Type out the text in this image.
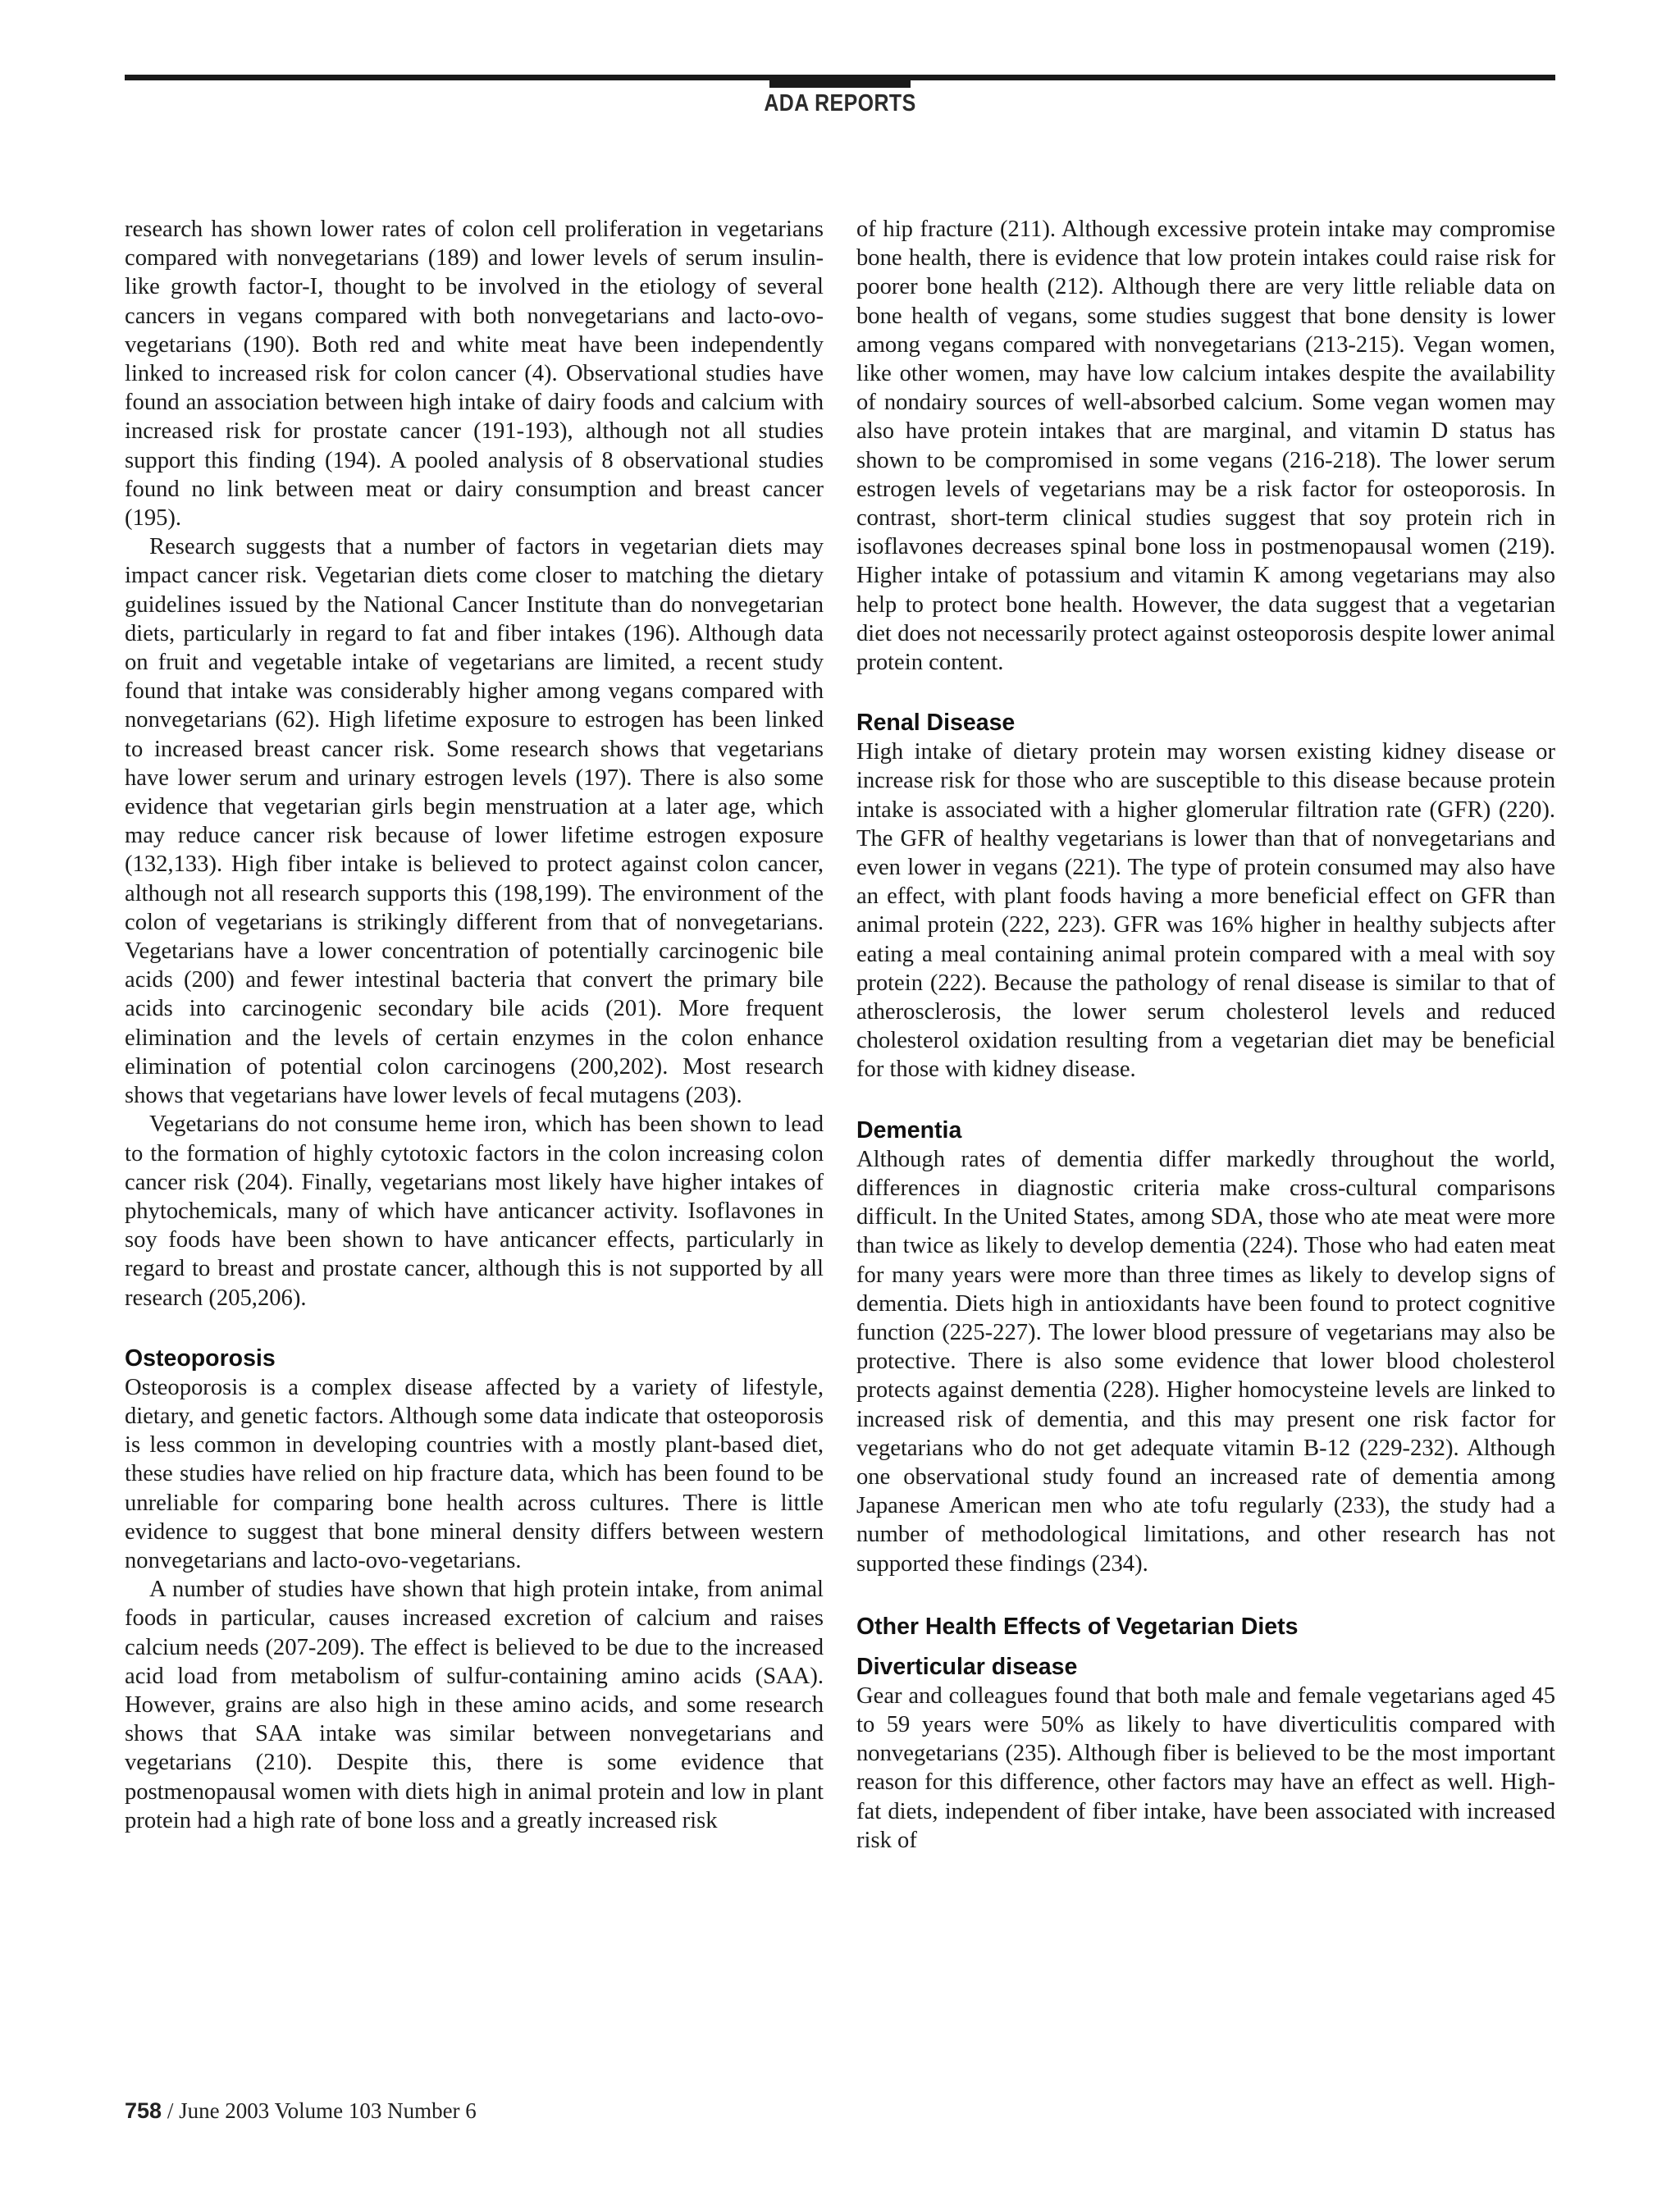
ADA REPORTS

research has shown lower rates of colon cell proliferation in vegetarians compared with nonvegetarians (189) and lower levels of serum insulin-like growth factor-I, thought to be involved in the etiology of several cancers in vegans compared with both nonvegetarians and lacto-ovo-vegetarians (190). Both red and white meat have been independently linked to increased risk for colon cancer (4). Observational studies have found an association between high intake of dairy foods and calcium with increased risk for prostate cancer (191-193), although not all studies support this finding (194). A pooled analysis of 8 observational studies found no link between meat or dairy consumption and breast cancer (195).

Research suggests that a number of factors in vegetarian diets may impact cancer risk. Vegetarian diets come closer to matching the dietary guidelines issued by the National Cancer Institute than do nonvegetarian diets, particularly in regard to fat and fiber intakes (196). Although data on fruit and vegetable intake of vegetarians are limited, a recent study found that intake was considerably higher among vegans compared with nonvegetarians (62). High lifetime exposure to estrogen has been linked to increased breast cancer risk. Some research shows that vegetarians have lower serum and urinary estrogen levels (197). There is also some evidence that vegetarian girls begin menstruation at a later age, which may reduce cancer risk because of lower lifetime estrogen exposure (132,133). High fiber intake is believed to protect against colon cancer, although not all research supports this (198,199). The environment of the colon of vegetarians is strikingly different from that of nonvegetarians. Vegetarians have a lower concentration of potentially carcinogenic bile acids (200) and fewer intestinal bacteria that convert the primary bile acids into carcinogenic secondary bile acids (201). More frequent elimination and the levels of certain enzymes in the colon enhance elimination of potential colon carcinogens (200,202). Most research shows that vegetarians have lower levels of fecal mutagens (203).

Vegetarians do not consume heme iron, which has been shown to lead to the formation of highly cytotoxic factors in the colon increasing colon cancer risk (204). Finally, vegetarians most likely have higher intakes of phytochemicals, many of which have anticancer activity. Isoflavones in soy foods have been shown to have anticancer effects, particularly in regard to breast and prostate cancer, although this is not supported by all research (205,206).

Osteoporosis

Osteoporosis is a complex disease affected by a variety of lifestyle, dietary, and genetic factors. Although some data indicate that osteoporosis is less common in developing countries with a mostly plant-based diet, these studies have relied on hip fracture data, which has been found to be unreliable for comparing bone health across cultures. There is little evidence to suggest that bone mineral density differs between western nonvegetarians and lacto-ovo-vegetarians.

A number of studies have shown that high protein intake, from animal foods in particular, causes increased excretion of calcium and raises calcium needs (207-209). The effect is believed to be due to the increased acid load from metabolism of sulfur-containing amino acids (SAA). However, grains are also high in these amino acids, and some research shows that SAA intake was similar between nonvegetarians and vegetarians (210). Despite this, there is some evidence that postmenopausal women with diets high in animal protein and low in plant protein had a high rate of bone loss and a greatly increased risk

of hip fracture (211). Although excessive protein intake may compromise bone health, there is evidence that low protein intakes could raise risk for poorer bone health (212). Although there are very little reliable data on bone health of vegans, some studies suggest that bone density is lower among vegans compared with nonvegetarians (213-215). Vegan women, like other women, may have low calcium intakes despite the availability of nondairy sources of well-absorbed calcium. Some vegan women may also have protein intakes that are marginal, and vitamin D status has shown to be compromised in some vegans (216-218). The lower serum estrogen levels of vegetarians may be a risk factor for osteoporosis. In contrast, short-term clinical studies suggest that soy protein rich in isoflavones decreases spinal bone loss in postmenopausal women (219). Higher intake of potassium and vitamin K among vegetarians may also help to protect bone health. However, the data suggest that a vegetarian diet does not necessarily protect against osteoporosis despite lower animal protein content.

Renal Disease

High intake of dietary protein may worsen existing kidney disease or increase risk for those who are susceptible to this disease because protein intake is associated with a higher glomerular filtration rate (GFR) (220). The GFR of healthy vegetarians is lower than that of nonvegetarians and even lower in vegans (221). The type of protein consumed may also have an effect, with plant foods having a more beneficial effect on GFR than animal protein (222, 223). GFR was 16% higher in healthy subjects after eating a meal containing animal protein compared with a meal with soy protein (222). Because the pathology of renal disease is similar to that of atherosclerosis, the lower serum cholesterol levels and reduced cholesterol oxidation resulting from a vegetarian diet may be beneficial for those with kidney disease.

Dementia

Although rates of dementia differ markedly throughout the world, differences in diagnostic criteria make cross-cultural comparisons difficult. In the United States, among SDA, those who ate meat were more than twice as likely to develop dementia (224). Those who had eaten meat for many years were more than three times as likely to develop signs of dementia. Diets high in antioxidants have been found to protect cognitive function (225-227). The lower blood pressure of vegetarians may also be protective. There is also some evidence that lower blood cholesterol protects against dementia (228). Higher homocysteine levels are linked to increased risk of dementia, and this may present one risk factor for vegetarians who do not get adequate vitamin B-12 (229-232). Although one observational study found an increased rate of dementia among Japanese American men who ate tofu regularly (233), the study had a number of methodological limitations, and other research has not supported these findings (234).

Other Health Effects of Vegetarian Diets
Diverticular disease

Gear and colleagues found that both male and female vegetarians aged 45 to 59 years were 50% as likely to have diverticulitis compared with nonvegetarians (235). Although fiber is believed to be the most important reason for this difference, other factors may have an effect as well. High-fat diets, independent of fiber intake, have been associated with increased risk of

758 / June 2003 Volume 103 Number 6
